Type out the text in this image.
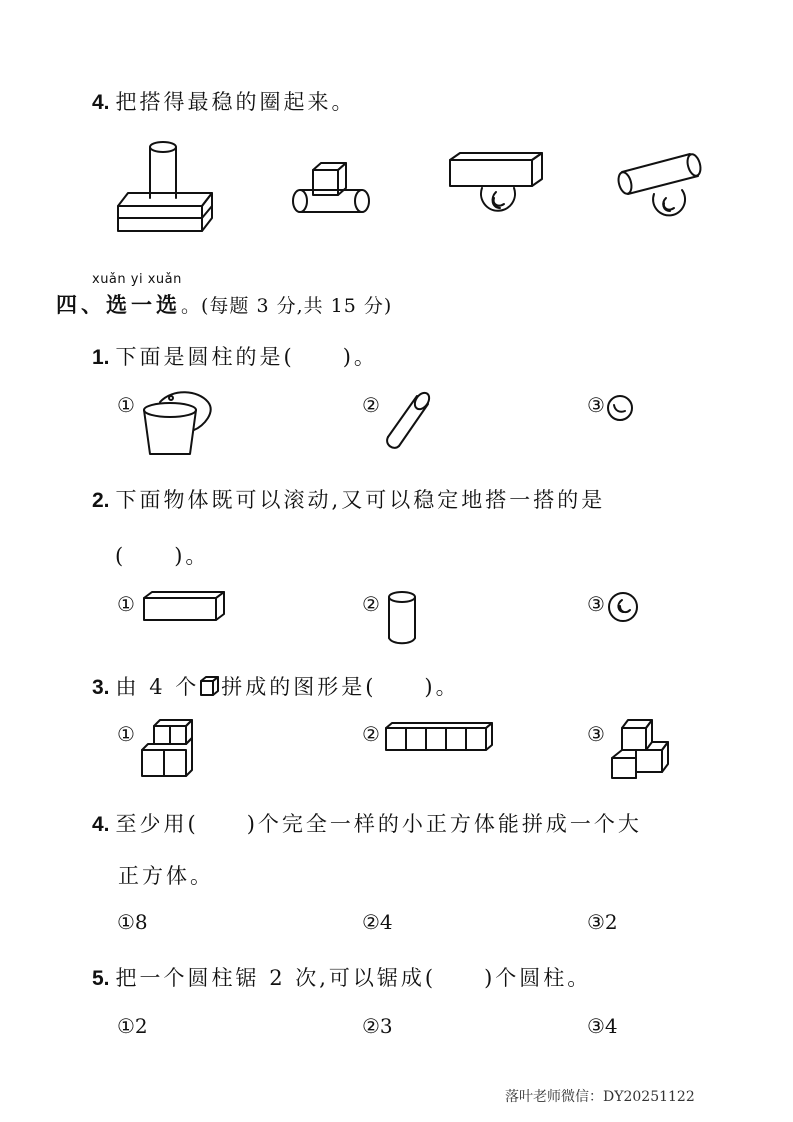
4. 把搭得最稳的圈起来。
xuǎn yi xuǎn
四、选一选。(每题 3 分,共 15 分)
1. 下面是圆柱的是(　　)。
①	②	③
2. 下面物体既可以滚动,又可以稳定地搭一搭的是
(　　)。
①	②	③
3. 由 4 个 拼成的图形是(　　)。
①	②	③
4. 至少用(　　)个完全一样的小正方体能拼成一个大
正方体。
①8	②4	③2
5. 把一个圆柱锯 2 次,可以锯成(　　)个圆柱。
①2	②3	③4
落叶老师微信：DY20251122
